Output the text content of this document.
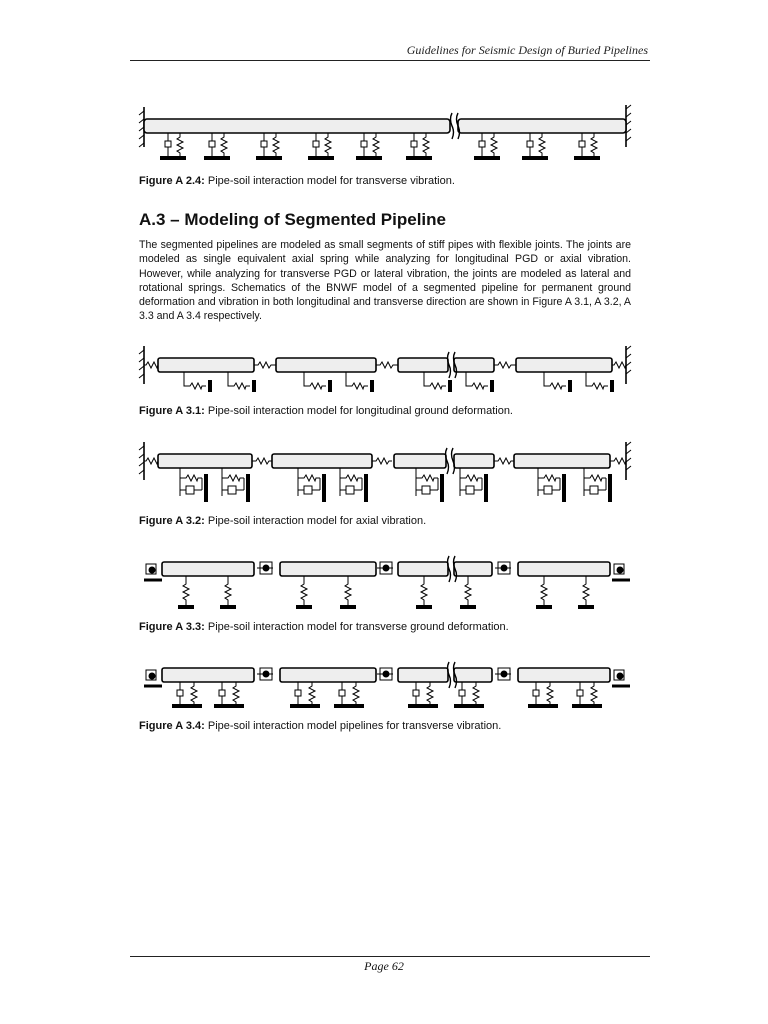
Guidelines for Seismic Design of Buried Pipelines
Figure A 2.4: Pipe-soil interaction model for transverse vibration.
A.3 – Modeling of Segmented Pipeline

The segmented pipelines are modeled as small segments of stiff pipes with flexible joints. The joints are modeled as single equivalent axial spring while analyzing for longitudinal PGD or axial vibration. However, while analyzing for transverse PGD or lateral vibration, the joints are modeled as lateral and rotational springs. Schematics of the BNWF model of a segmented pipeline for permanent ground deformation and vibration in both longitudinal and transverse direction are shown in Figure A 3.1, A 3.2, A 3.3 and A 3.4 respectively.

Figure A 3.1: Pipe-soil interaction model for longitudinal ground deformation.
Figure A 3.2: Pipe-soil interaction model for axial vibration.
Figure A 3.3: Pipe-soil interaction model for transverse ground deformation.
Figure A 3.4: Pipe-soil interaction model pipelines for transverse vibration.
Page 62
